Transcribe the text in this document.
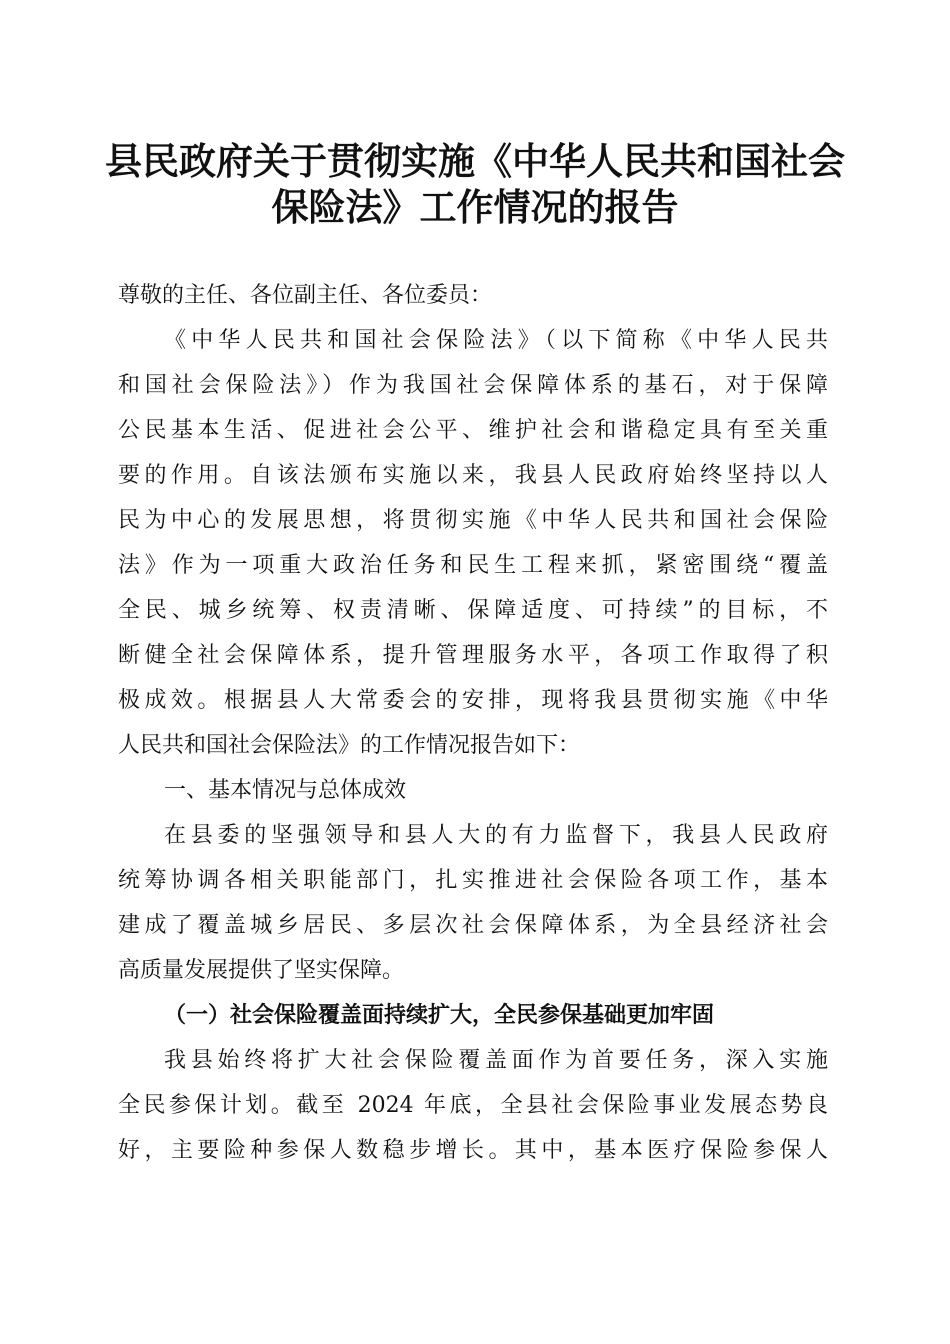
县民政府关于贯彻实施《中华人民共和国社会
保险法》工作情况的报告
尊敬的主任、各位副主任、各位委员：
《中华人民共和国社会保险法》（以下简称《中华人民共
和国社会保险法》）作为我国社会保障体系的基石，对于保障
公民基本生活、促进社会公平、维护社会和谐稳定具有至关重
要的作用。自该法颁布实施以来，我县人民政府始终坚持以人
民为中心的发展思想，将贯彻实施《中华人民共和国社会保险
法》作为一项重大政治任务和民生工程来抓，紧密围绕“覆盖
全民、城乡统筹、权责清晰、保障适度、可持续”的目标，不
断健全社会保障体系，提升管理服务水平，各项工作取得了积
极成效。根据县人大常委会的安排，现将我县贯彻实施《中华
人民共和国社会保险法》的工作情况报告如下：
一、基本情况与总体成效
在县委的坚强领导和县人大的有力监督下，我县人民政府
统筹协调各相关职能部门，扎实推进社会保险各项工作，基本
建成了覆盖城乡居民、多层次社会保障体系，为全县经济社会
高质量发展提供了坚实保障。
（一）社会保险覆盖面持续扩大，全民参保基础更加牢固
我县始终将扩大社会保险覆盖面作为首要任务，深入实施
全民参保计划。截至 2024 年底，全县社会保险事业发展态势良
好，主要险种参保人数稳步增长。其中，基本医疗保险参保人
